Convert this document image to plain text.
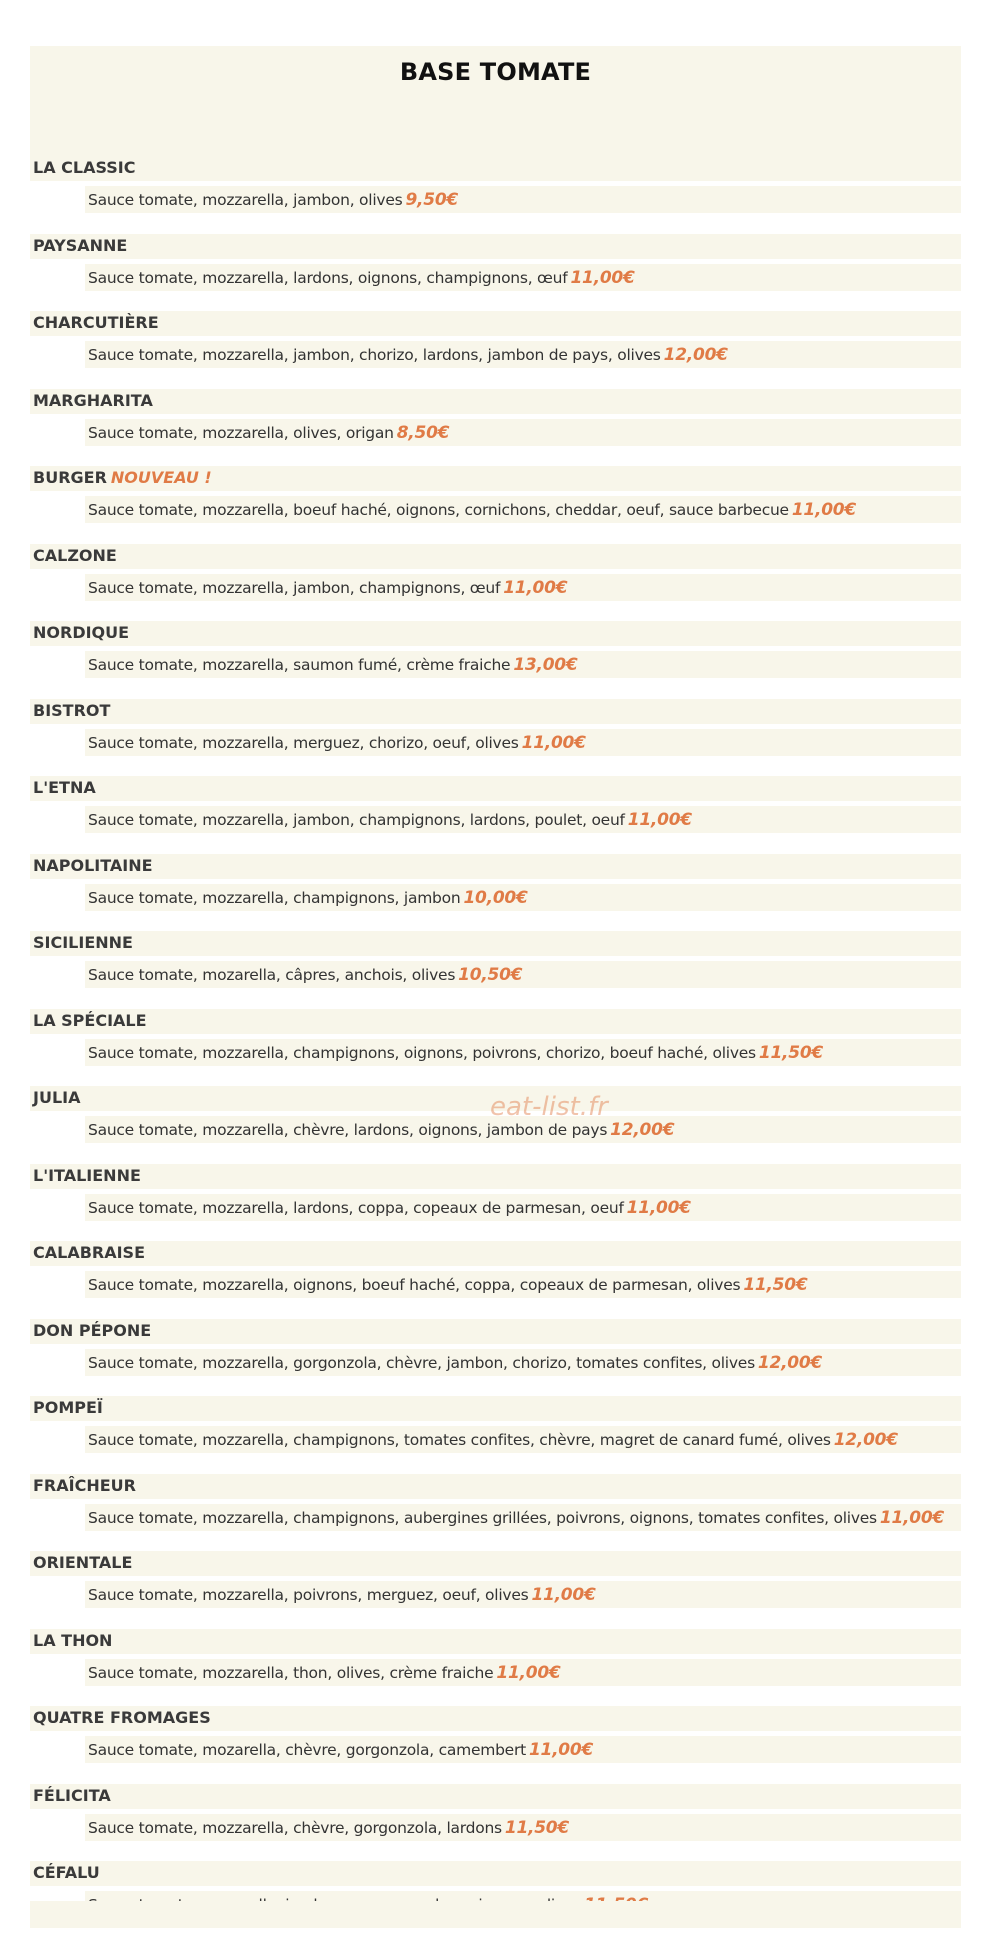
BASE TOMATE
LA CLASSIC
Sauce tomate, mozzarella, jambon, olives 9,50€
PAYSANNE
Sauce tomate, mozzarella, lardons, oignons, champignons, œuf 11,00€
CHARCUTIÈRE
Sauce tomate, mozzarella, jambon, chorizo, lardons, jambon de pays, olives 12,00€
MARGHARITA
Sauce tomate, mozzarella, olives, origan 8,50€
BURGER NOUVEAU !
Sauce tomate, mozzarella, boeuf haché, oignons, cornichons, cheddar, oeuf, sauce barbecue 11,00€
CALZONE
Sauce tomate, mozzarella, jambon, champignons, œuf 11,00€
NORDIQUE
Sauce tomate, mozzarella, saumon fumé, crème fraiche 13,00€
BISTROT
Sauce tomate, mozzarella, merguez, chorizo, oeuf, olives 11,00€
L'ETNA
Sauce tomate, mozzarella, jambon, champignons, lardons, poulet, oeuf 11,00€
NAPOLITAINE
Sauce tomate, mozzarella, champignons, jambon 10,00€
SICILIENNE
Sauce tomate, mozarella, câpres, anchois, olives 10,50€
LA SPÉCIALE
Sauce tomate, mozzarella, champignons, oignons, poivrons, chorizo, boeuf haché, olives 11,50€
JULIA
Sauce tomate, mozzarella, chèvre, lardons, oignons, jambon de pays 12,00€
L'ITALIENNE
Sauce tomate, mozzarella, lardons, coppa, copeaux de parmesan, oeuf 11,00€
CALABRAISE
Sauce tomate, mozzarella, oignons, boeuf haché, coppa, copeaux de parmesan, olives 11,50€
DON PÉPONE
Sauce tomate, mozzarella, gorgonzola, chèvre, jambon, chorizo, tomates confites, olives 12,00€
POMPEÏ
Sauce tomate, mozzarella, champignons, tomates confites, chèvre, magret de canard fumé, olives 12,00€
FRAÎCHEUR
Sauce tomate, mozzarella, champignons, aubergines grillées, poivrons, oignons, tomates confites, olives 11,00€
ORIENTALE
Sauce tomate, mozzarella, poivrons, merguez, oeuf, olives 11,00€
LA THON
Sauce tomate, mozzarella, thon, olives, crème fraiche 11,00€
QUATRE FROMAGES
Sauce tomate, mozarella, chèvre, gorgonzola, camembert 11,00€
FÉLICITA
Sauce tomate, mozzarella, chèvre, gorgonzola, lardons 11,50€
CÉFALU
eat-list.fr
